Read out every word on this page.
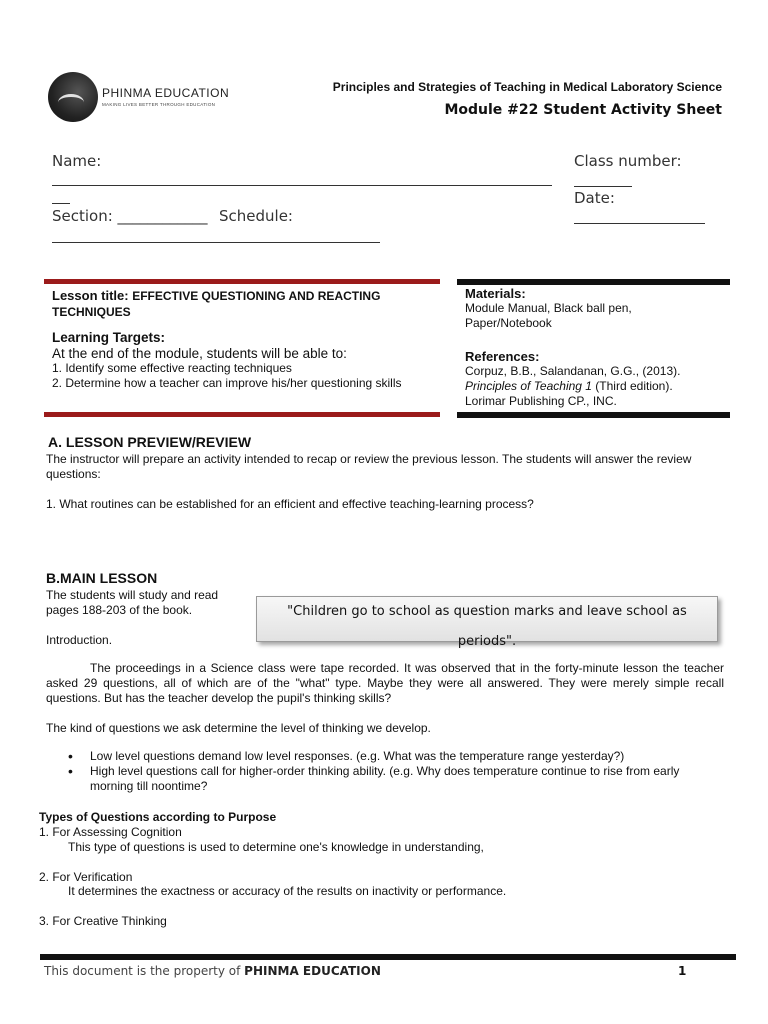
PHINMA EDUCATION
MAKING LIVES BETTER THROUGH EDUCATION
Principles and Strategies of Teaching in Medical Laboratory Science
Module #22 Student Activity Sheet
Name:
Section: ____________ Schedule:
Class number:
Date:
Lesson title: EFFECTIVE QUESTIONING AND REACTING TECHNIQUES
Learning Targets:
At the end of the module, students will be able to:
1. Identify some effective reacting techniques
2. Determine how a teacher can improve his/her questioning skills
Materials:
Module Manual, Black ball pen, Paper/Notebook
References:
Corpuz, B.B., Salandanan, G.G., (2013).
Principles of Teaching 1 (Third edition).
Lorimar Publishing CP., INC.
A. LESSON PREVIEW/REVIEW
The instructor will prepare an activity intended to recap or review the previous lesson. The students will answer the review questions:
1. What routines can be established for an efficient and effective teaching-learning process?
B.MAIN LESSON
The students will study and read pages 188-203 of the book.	"Children go to school as question marks and leave school as periods".
Introduction.
The proceedings in a Science class were tape recorded. It was observed that in the forty-minute lesson the teacher asked 29 questions, all of which are of the "what" type. Maybe they were all answered. They were merely simple recall questions. But has the teacher develop the pupil's thinking skills?
The kind of questions we ask determine the level of thinking we develop.
• Low level questions demand low level responses. (e.g. What was the temperature range yesterday?)
• High level questions call for higher-order thinking ability. (e.g. Why does temperature continue to rise from early morning till noontime?
Types of Questions according to Purpose
1. For Assessing Cognition
This type of questions is used to determine one's knowledge in understanding,
2. For Verification
It determines the exactness or accuracy of the results on inactivity or performance.
3. For Creative Thinking
This document is the property of PHINMA EDUCATION	1
